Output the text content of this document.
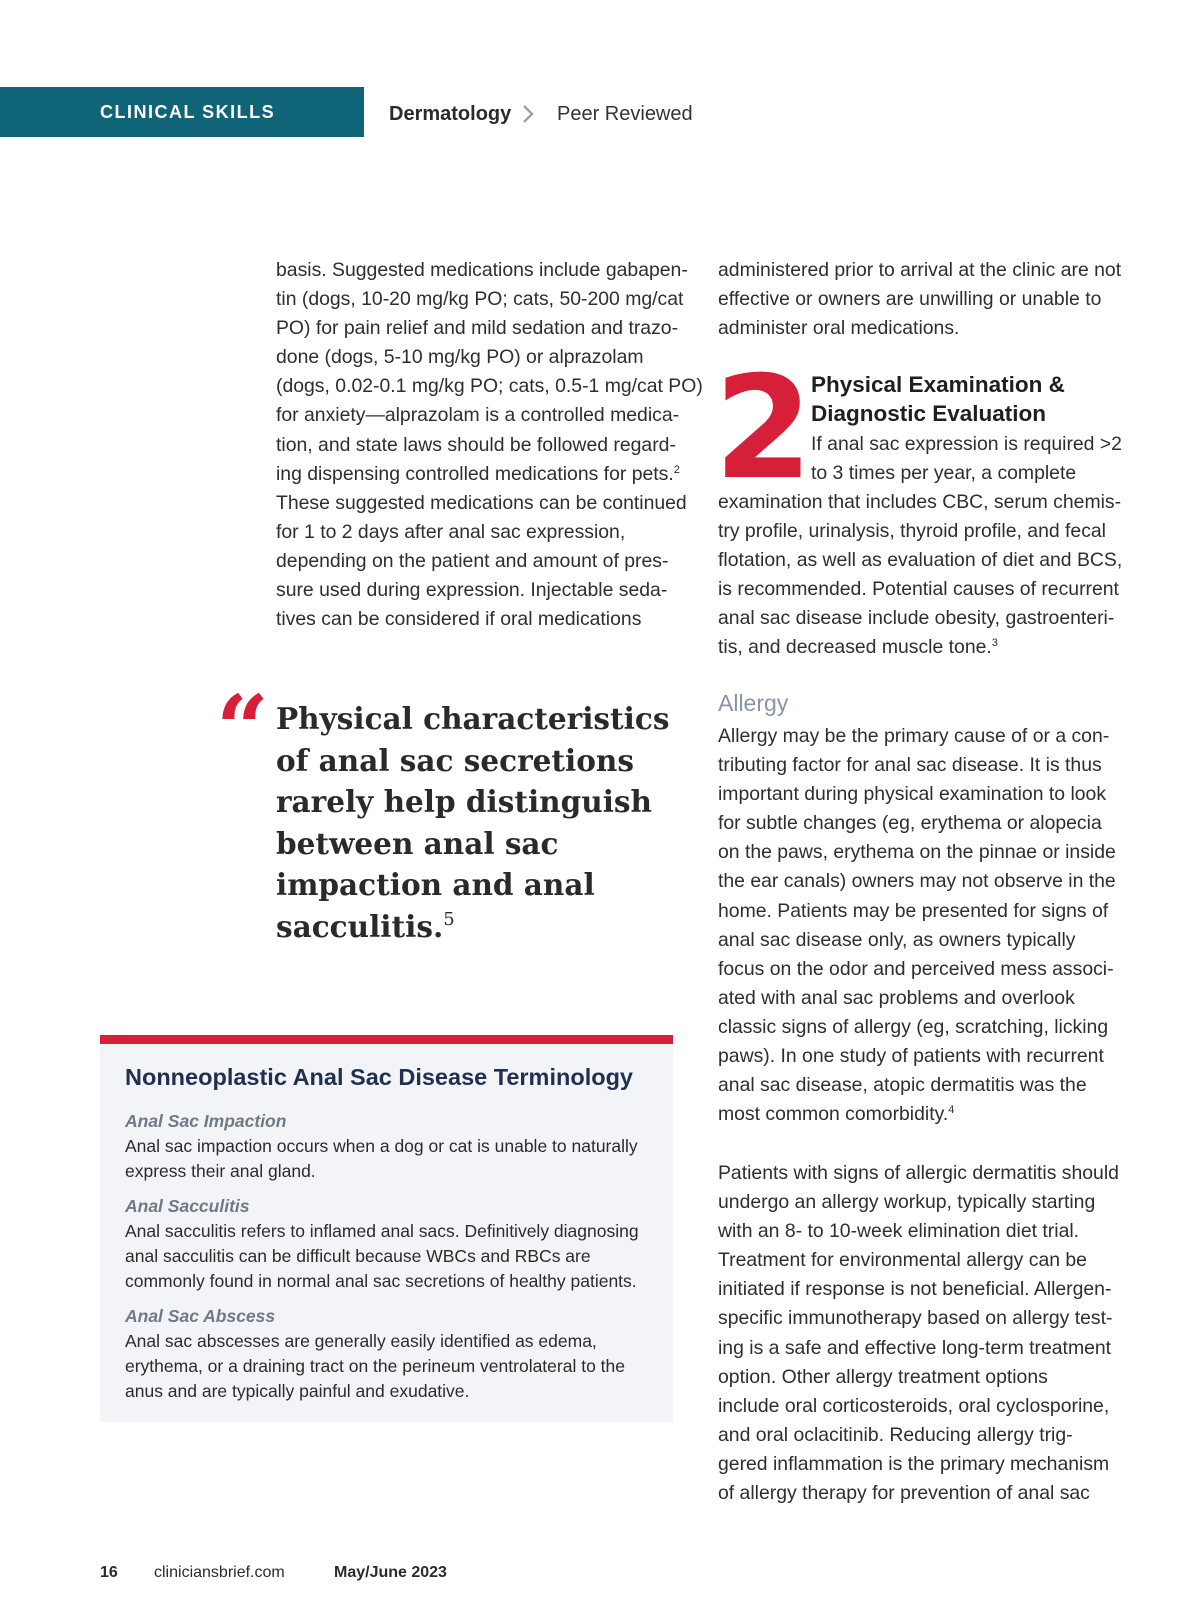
CLINICAL SKILLS	Dermatology Peer Reviewed
basis. Suggested medications include gabapen-
tin (dogs, 10-20 mg/kg PO; cats, 50-200 mg/cat
PO) for pain relief and mild sedation and trazo-
done (dogs, 5-10 mg/kg PO) or alprazolam
(dogs, 0.02-0.1 mg/kg PO; cats, 0.5-1 mg/cat PO)
for anxiety—alprazolam is a controlled medica-
tion, and state laws should be followed regard-
ing dispensing controlled medications for pets.$^2$
These suggested medications can be continued
for 1 to 2 days after anal sac expression,
depending on the patient and amount of pres-
sure used during expression. Injectable seda-
tives can be considered if oral medications
“ Physical characteristics
of anal sac secretions
rarely help distinguish
between anal sac
impaction and anal
sacculitis.$^5$
Nonneoplastic Anal Sac Disease Terminology
Anal Sac Impaction
Anal sac impaction occurs when a dog or cat is unable to naturally
express their anal gland.
Anal Sacculitis
Anal sacculitis refers to inflamed anal sacs. Definitively diagnosing
anal sacculitis can be difficult because WBCs and RBCs are
commonly found in normal anal sac secretions of healthy patients.
Anal Sac Abscess
Anal sac abscesses are generally easily identified as edema,
erythema, or a draining tract on the perineum ventrolateral to the
anus and are typically painful and exudative.
administered prior to arrival at the clinic are not
effective or owners are unwilling or unable to
administer oral medications.
2 Physical Examination &
Diagnostic Evaluation
If anal sac expression is required >2
to 3 times per year, a complete
examination that includes CBC, serum chemis-
try profile, urinalysis, thyroid profile, and fecal
flotation, as well as evaluation of diet and BCS,
is recommended. Potential causes of recurrent
anal sac disease include obesity, gastroenteri-
tis, and decreased muscle tone.$^3$
Allergy
Allergy may be the primary cause of or a con-
tributing factor for anal sac disease. It is thus
important during physical examination to look
for subtle changes (eg, erythema or alopecia
on the paws, erythema on the pinnae or inside
the ear canals) owners may not observe in the
home. Patients may be presented for signs of
anal sac disease only, as owners typically
focus on the odor and perceived mess associ-
ated with anal sac problems and overlook
classic signs of allergy (eg, scratching, licking
paws). In one study of patients with recurrent
anal sac disease, atopic dermatitis was the
most common comorbidity.$^4$
Patients with signs of allergic dermatitis should
undergo an allergy workup, typically starting
with an 8- to 10-week elimination diet trial.
Treatment for environmental allergy can be
initiated if response is not beneficial. Allergen-
specific immunotherapy based on allergy test-
ing is a safe and effective long-term treatment
option. Other allergy treatment options
include oral corticosteroids, oral cyclosporine,
and oral oclacitinib. Reducing allergy trig-
gered inflammation is the primary mechanism
of allergy therapy for prevention of anal sac
16 cliniciansbrief.com	May/June 2023
